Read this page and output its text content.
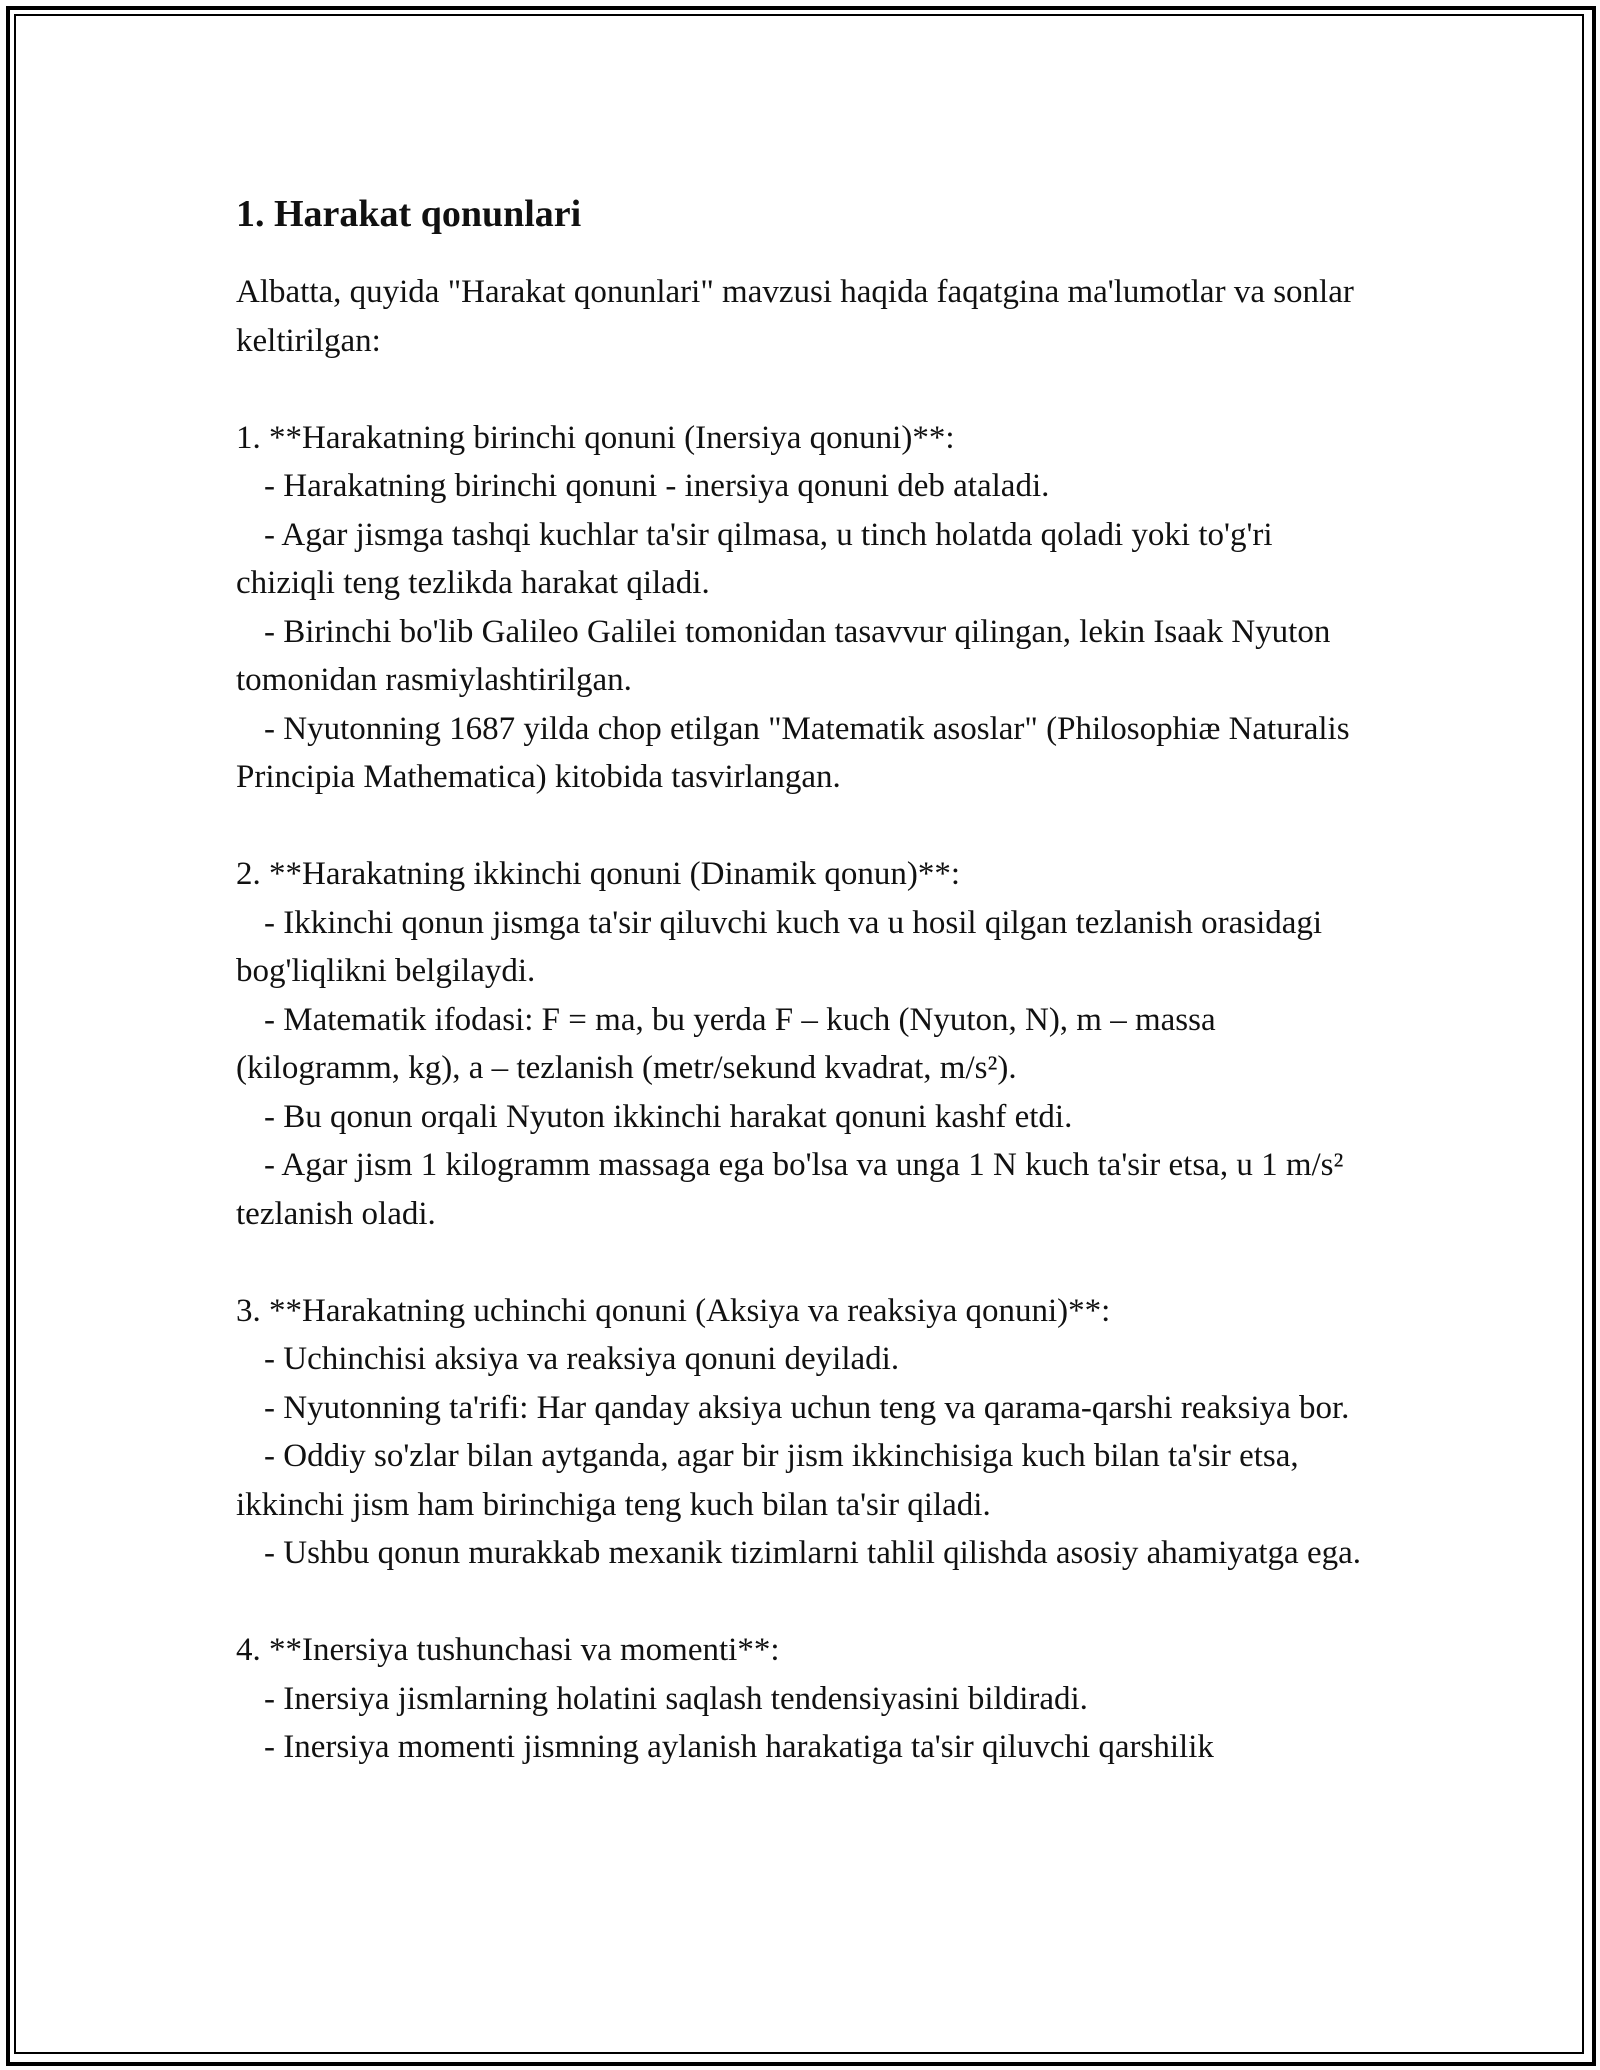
1. Harakat qonunlari

Albatta, quyida "Harakat qonunlari" mavzusi haqida faqatgina ma'lumotlar va sonlar keltirilgan:

1. **Harakatning birinchi qonuni (Inersiya qonuni)**:
- Harakatning birinchi qonuni - inersiya qonuni deb ataladi.
- Agar jismga tashqi kuchlar ta'sir qilmasa, u tinch holatda qoladi yoki to'g'ri chiziqli teng tezlikda harakat qiladi.
- Birinchi bo'lib Galileo Galilei tomonidan tasavvur qilingan, lekin Isaak Nyuton tomonidan rasmiylashtirilgan.
- Nyutonning 1687 yilda chop etilgan "Matematik asoslar" (Philosophiæ Naturalis Principia Mathematica) kitobida tasvirlangan.
2. **Harakatning ikkinchi qonuni (Dinamik qonun)**:
- Ikkinchi qonun jismga ta'sir qiluvchi kuch va u hosil qilgan tezlanish orasidagi bog'liqlikni belgilaydi.
- Matematik ifodasi: F = ma, bu yerda F – kuch (Nyuton, N), m – massa (kilogramm, kg), a – tezlanish (metr/sekund kvadrat, m/s²).
- Bu qonun orqali Nyuton ikkinchi harakat qonuni kashf etdi.
- Agar jism 1 kilogramm massaga ega bo'lsa va unga 1 N kuch ta'sir etsa, u 1 m/s² tezlanish oladi.
3. **Harakatning uchinchi qonuni (Aksiya va reaksiya qonuni)**:
- Uchinchisi aksiya va reaksiya qonuni deyiladi.
- Nyutonning ta'rifi: Har qanday aksiya uchun teng va qarama-qarshi reaksiya bor.
- Oddiy so'zlar bilan aytganda, agar bir jism ikkinchisiga kuch bilan ta'sir etsa, ikkinchi jism ham birinchiga teng kuch bilan ta'sir qiladi.
- Ushbu qonun murakkab mexanik tizimlarni tahlil qilishda asosiy ahamiyatga ega.
4. **Inersiya tushunchasi va momenti**:
- Inersiya jismlarning holatini saqlash tendensiyasini bildiradi.
- Inersiya momenti jismning aylanish harakatiga ta'sir qiluvchi qarshilik
